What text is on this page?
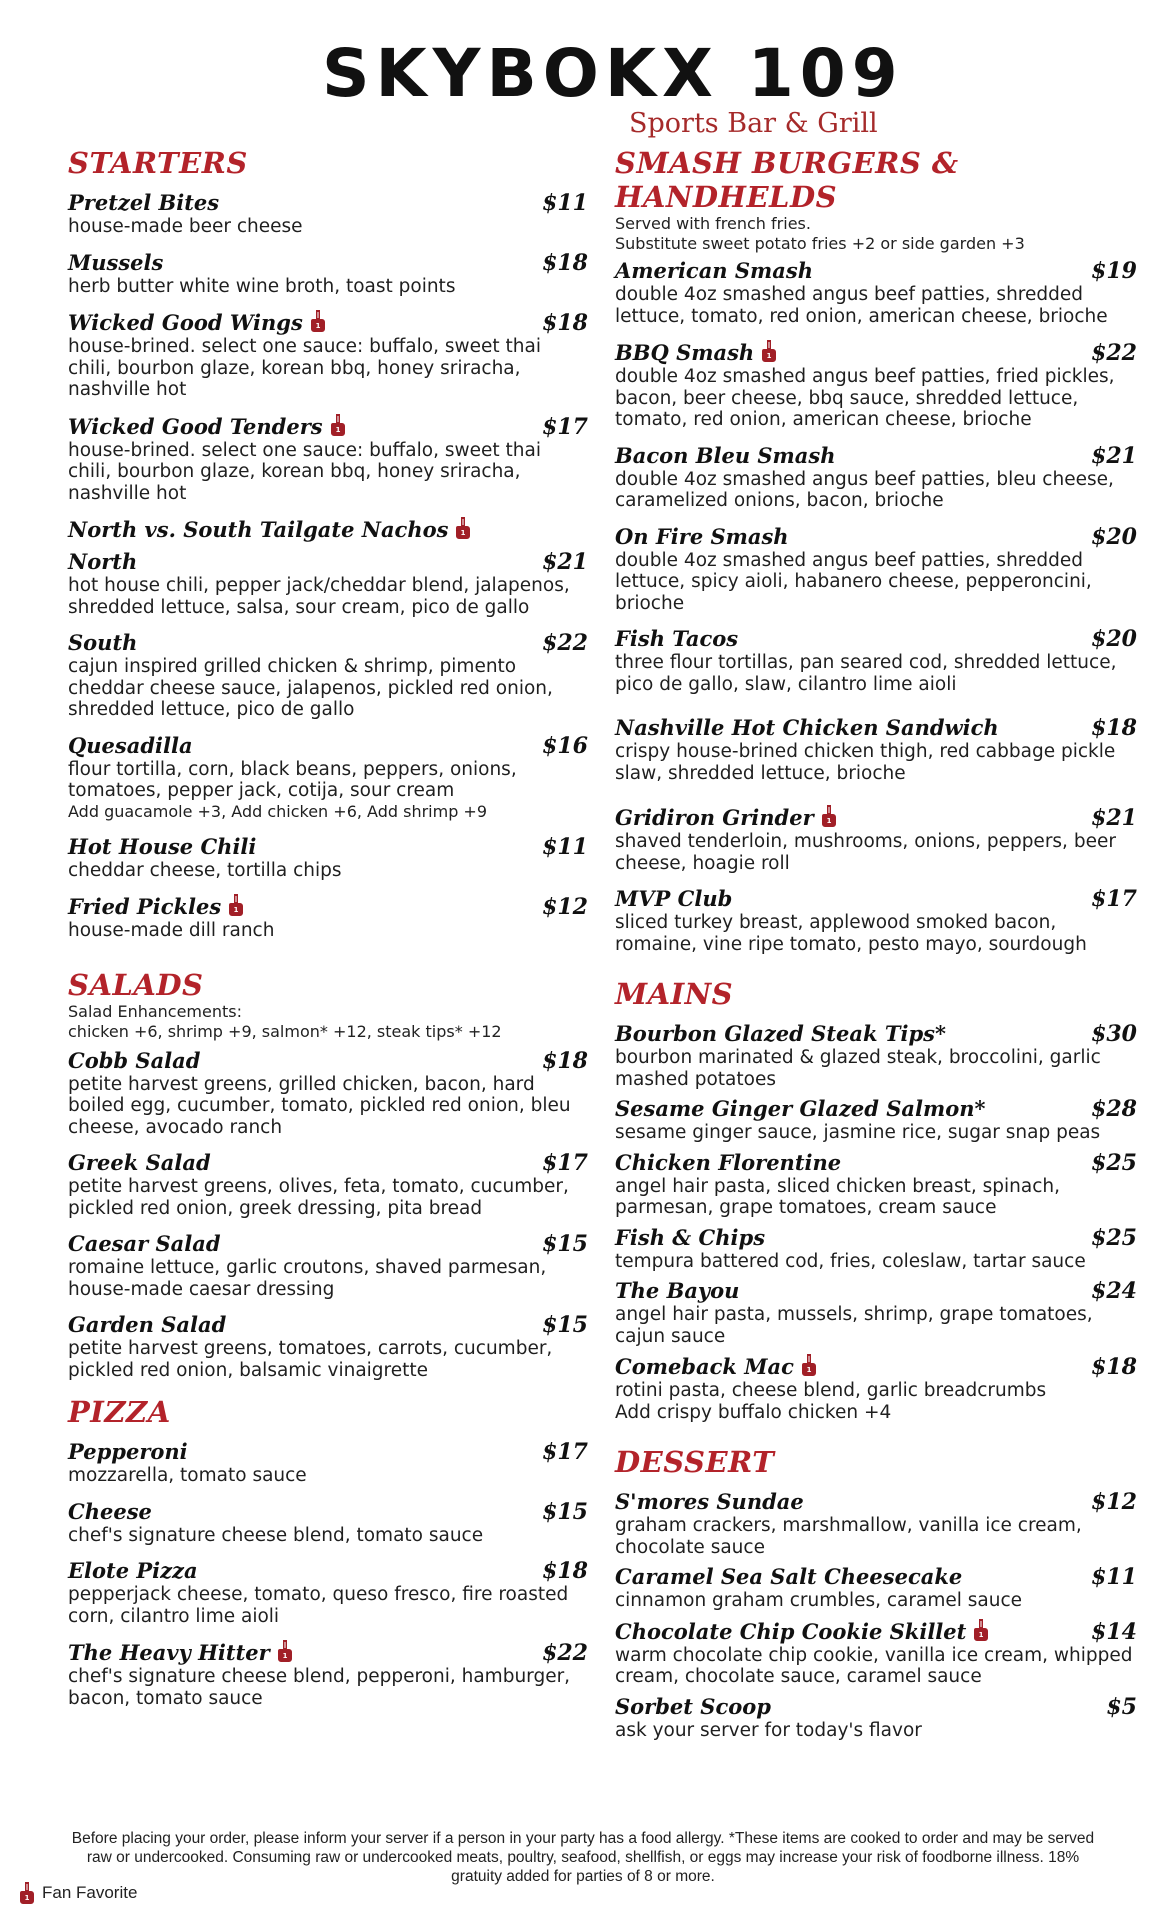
SKYBOKX 109
Sports Bar & Grill
STARTERS
Pretzel Bites	$11
house-made beer cheese
Mussels	$18
herb butter white wine broth, toast points
Wicked Good Wings	$18
house-brined. select one sauce: buffalo, sweet thai chili, bourbon glaze, korean bbq, honey sriracha, nashville hot
Wicked Good Tenders	$17
house-brined. select one sauce: buffalo, sweet thai chili, bourbon glaze, korean bbq, honey sriracha, nashville hot
North vs. South Tailgate Nachos
North	$21
hot house chili, pepper jack/cheddar blend, jalapenos, shredded lettuce, salsa, sour cream, pico de gallo
South	$22
cajun inspired grilled chicken & shrimp, pimento cheddar cheese sauce, jalapenos, pickled red onion, shredded lettuce, pico de gallo
Quesadilla	$16
flour tortilla, corn, black beans, peppers, onions, tomatoes, pepper jack, cotija, sour cream
Add guacamole +3, Add chicken +6, Add shrimp +9
Hot House Chili	$11
cheddar cheese, tortilla chips
Fried Pickles	$12
house-made dill ranch
SALADS
Salad Enhancements:
chicken +6, shrimp +9, salmon* +12, steak tips* +12
Cobb Salad	$18
petite harvest greens, grilled chicken, bacon, hard boiled egg, cucumber, tomato, pickled red onion, bleu cheese, avocado ranch
Greek Salad	$17
petite harvest greens, olives, feta, tomato, cucumber, pickled red onion, greek dressing, pita bread
Caesar Salad	$15
romaine lettuce, garlic croutons, shaved parmesan, house-made caesar dressing
Garden Salad	$15
petite harvest greens, tomatoes, carrots, cucumber, pickled red onion, balsamic vinaigrette
PIZZA
Pepperoni	$17
mozzarella, tomato sauce
Cheese	$15
chef's signature cheese blend, tomato sauce
Elote Pizza	$18
pepperjack cheese, tomato, queso fresco, fire roasted corn, cilantro lime aioli
The Heavy Hitter	$22
chef's signature cheese blend, pepperoni, hamburger, bacon, tomato sauce
SMASH BURGERS & HANDHELDS
Served with french fries.
Substitute sweet potato fries +2 or side garden +3
American Smash	$19
double 4oz smashed angus beef patties, shredded lettuce, tomato, red onion, american cheese, brioche
BBQ Smash	$22
double 4oz smashed angus beef patties, fried pickles, bacon, beer cheese, bbq sauce, shredded lettuce, tomato, red onion, american cheese, brioche
Bacon Bleu Smash	$21
double 4oz smashed angus beef patties, bleu cheese, caramelized onions, bacon, brioche
On Fire Smash	$20
double 4oz smashed angus beef patties, shredded lettuce, spicy aioli, habanero cheese, pepperoncini, brioche
Fish Tacos	$20
three flour tortillas, pan seared cod, shredded lettuce, pico de gallo, slaw, cilantro lime aioli
Nashville Hot Chicken Sandwich	$18
crispy house-brined chicken thigh, red cabbage pickle slaw, shredded lettuce, brioche
Gridiron Grinder	$21
shaved tenderloin, mushrooms, onions, peppers, beer cheese, hoagie roll
MVP Club	$17
sliced turkey breast, applewood smoked bacon, romaine, vine ripe tomato, pesto mayo, sourdough
MAINS
Bourbon Glazed Steak Tips*	$30
bourbon marinated & glazed steak, broccolini, garlic mashed potatoes
Sesame Ginger Glazed Salmon*	$28
sesame ginger sauce, jasmine rice, sugar snap peas
Chicken Florentine	$25
angel hair pasta, sliced chicken breast, spinach, parmesan, grape tomatoes, cream sauce
Fish & Chips	$25
tempura battered cod, fries, coleslaw, tartar sauce
The Bayou	$24
angel hair pasta, mussels, shrimp, grape tomatoes, cajun sauce
Comeback Mac	$18
rotini pasta, cheese blend, garlic breadcrumbs
Add crispy buffalo chicken +4
DESSERT
S'mores Sundae	$12
graham crackers, marshmallow, vanilla ice cream, chocolate sauce
Caramel Sea Salt Cheesecake	$11
cinnamon graham crumbles, caramel sauce
Chocolate Chip Cookie Skillet	$14
warm chocolate chip cookie, vanilla ice cream, whipped cream, chocolate sauce, caramel sauce
Sorbet Scoop	$5
ask your server for today's flavor
Before placing your order, please inform your server if a person in your party has a food allergy. *These items are cooked to order and may be served raw or undercooked. Consuming raw or undercooked meats, poultry, seafood, shellfish, or eggs may increase your risk of foodborne illness. 18% gratuity added for parties of 8 or more.
Fan Favorite
